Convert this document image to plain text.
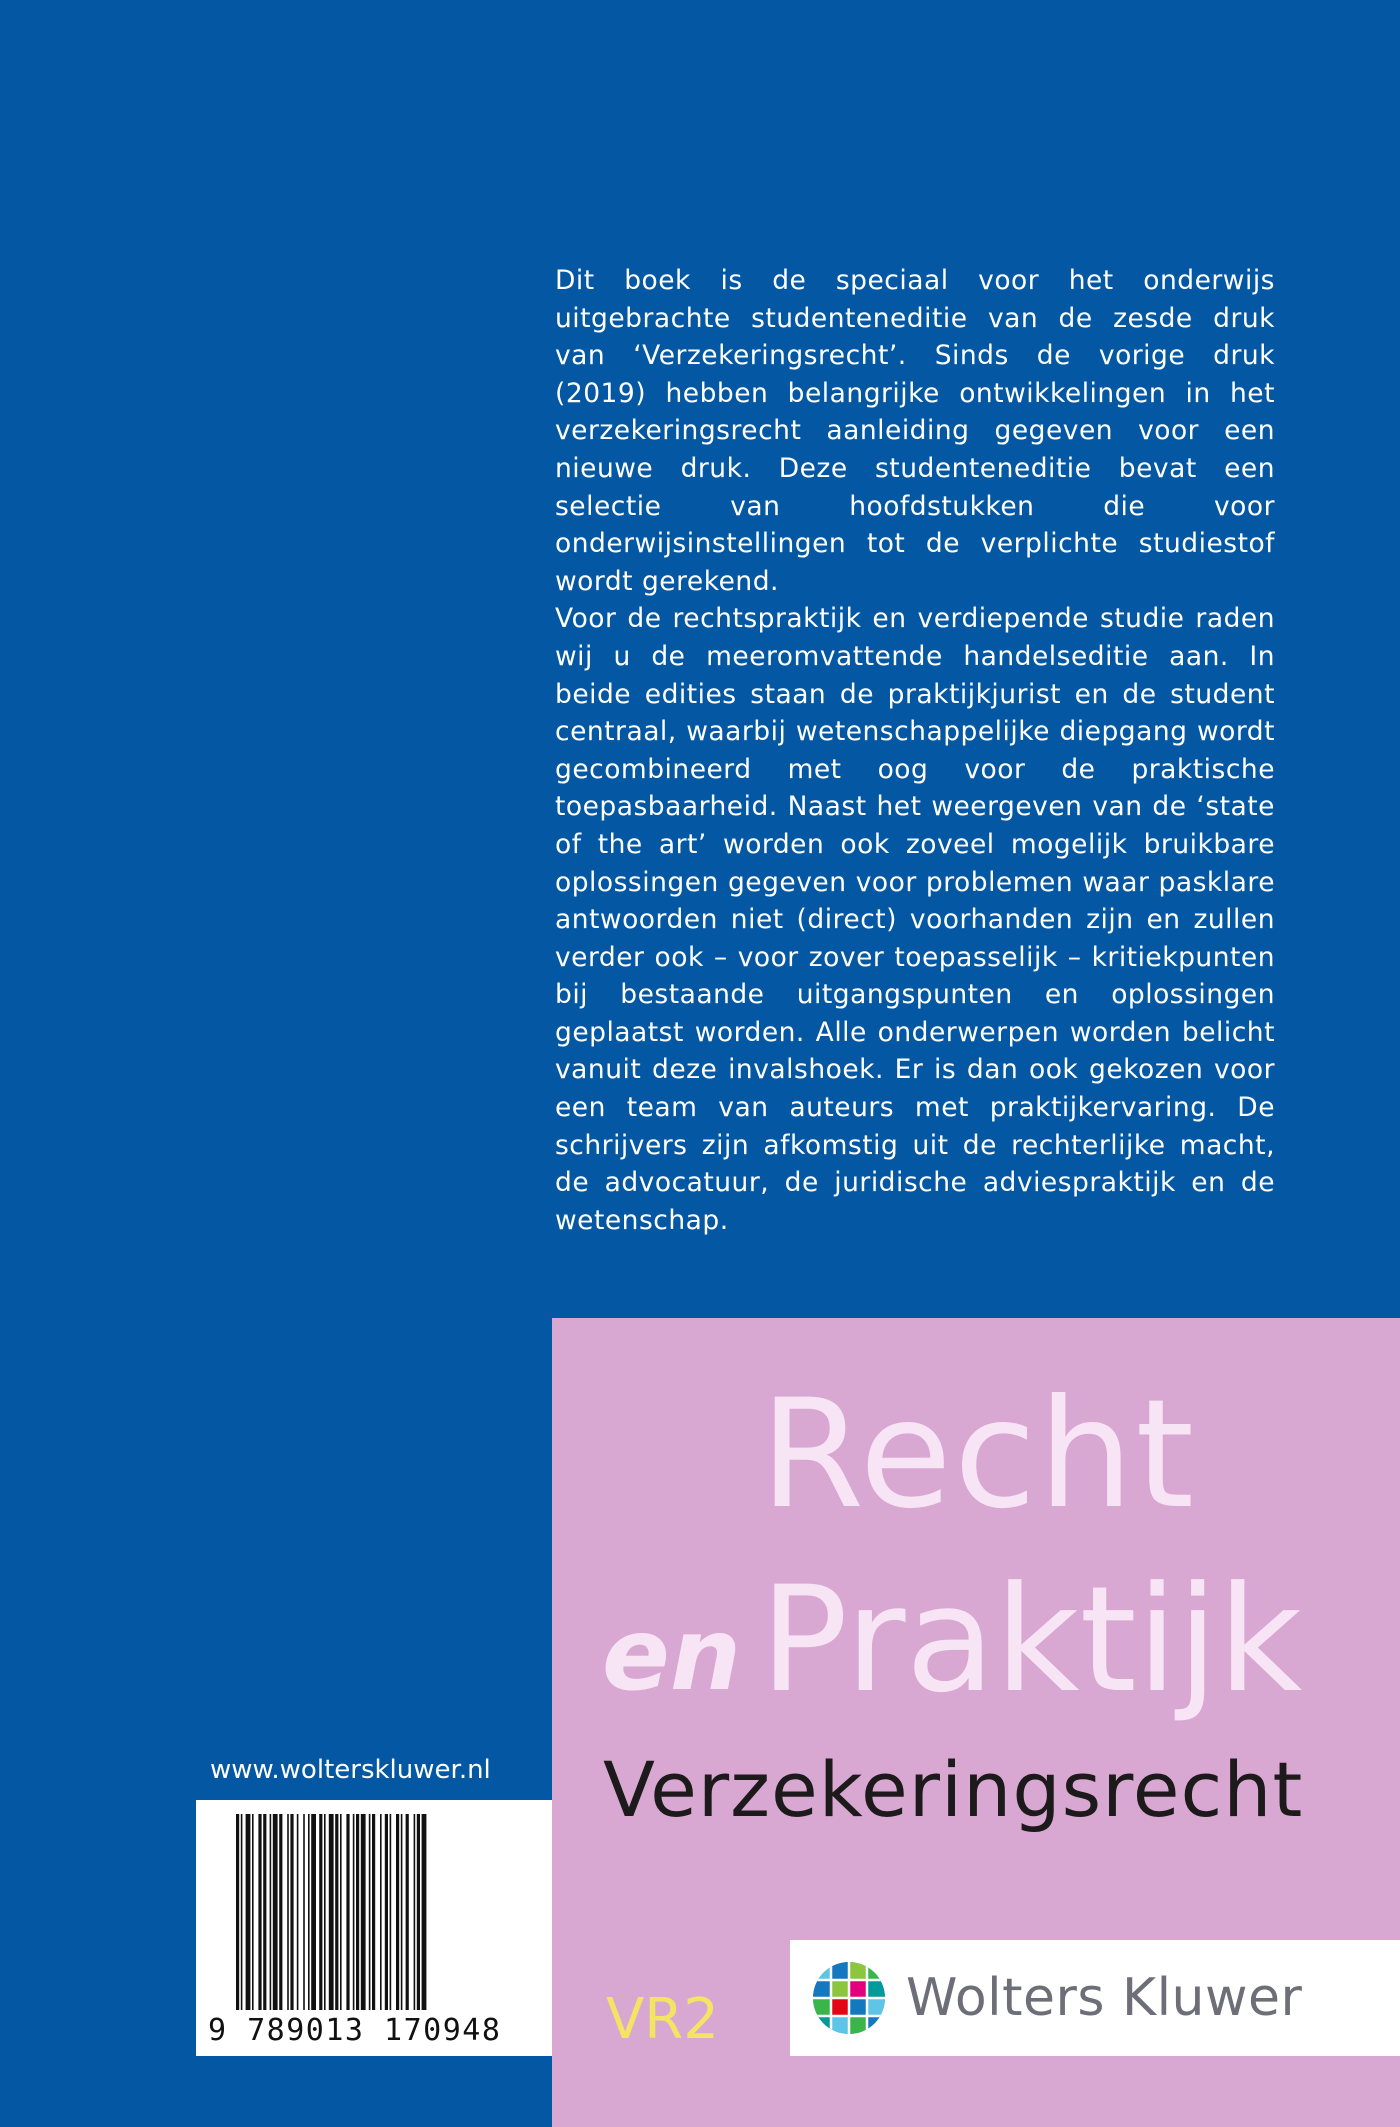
Dit boek is de speciaal voor het onderwijs uitgebrachte studenteneditie van de zesde druk van ‘Verzekeringsrecht’. Sinds de vorige druk (2019) hebben belangrijke ontwikkelingen in het verzekeringsrecht aanleiding gegeven voor een nieuwe druk. Deze studenteneditie bevat een selectie van hoofdstukken die voor onderwijsinstellingen tot de verplichte studiestof wordt gerekend.

Voor de rechtspraktijk en verdiepende studie raden wij u de meeromvattende handelseditie aan. In beide edities staan de praktijkjurist en de student centraal, waarbij wetenschappelijke diepgang wordt gecombineerd met oog voor de praktische toepasbaarheid. Naast het weergeven van de ‘state of the art’ worden ook zoveel mogelijk bruikbare oplossingen gegeven voor problemen waar pasklare antwoorden niet (direct) voorhanden zijn en zullen verder ook – voor zover toepasselijk – kritiekpunten bij bestaande uitgangspunten en oplossingen geplaatst worden. Alle onderwerpen worden belicht vanuit deze invalshoek. Er is dan ook gekozen voor een team van auteurs met praktijkervaring. De schrijvers zijn afkomstig uit de rechterlijke macht, de advocatuur, de juridische adviespraktijk en de wetenschap.

Recht
en Praktijk
Verzekeringsrecht
VR2	Wolters Kluwer
www.wolterskluwer.nl
9 789013 170948
